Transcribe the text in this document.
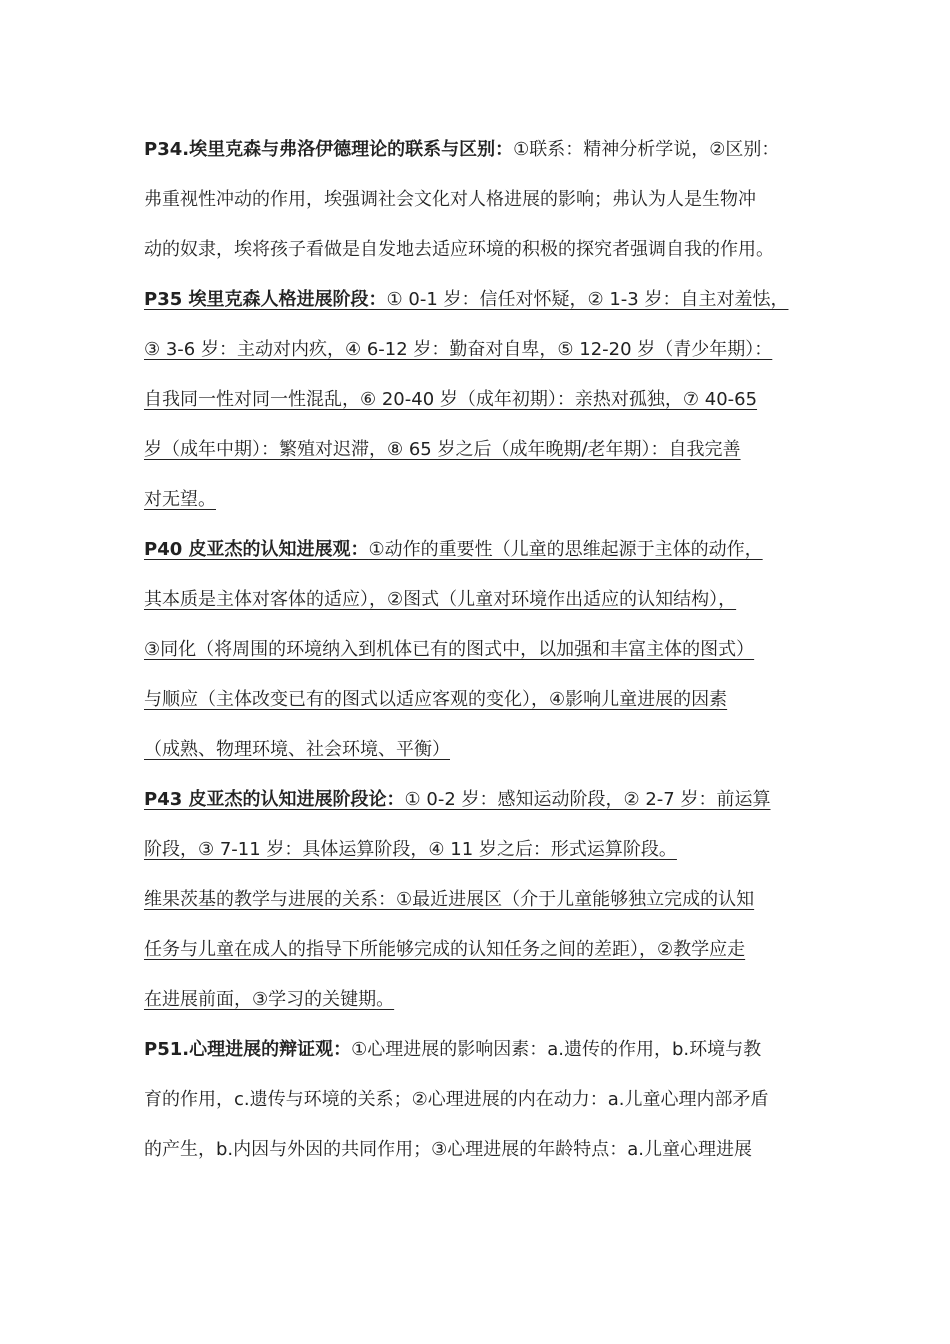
P34.埃里克森与弗洛伊德理论的联系与区别：①联系：精神分析学说，②区别：
弗重视性冲动的作用，埃强调社会文化对人格进展的影响；弗认为人是生物冲
动的奴隶，埃将孩子看做是自发地去适应环境的积极的探究者强调自我的作用。
P35 埃里克森人格进展阶段：① 0-1 岁：信任对怀疑，② 1-3 岁：自主对羞怯，
③ 3-6 岁：主动对内疚，④ 6-12 岁：勤奋对自卑，⑤ 12-20 岁（青少年期）：
自我同一性对同一性混乱，⑥ 20-40 岁（成年初期）：亲热对孤独，⑦ 40-65
岁（成年中期）：繁殖对迟滞，⑧ 65 岁之后（成年晚期/老年期）：自我完善
对无望。
P40 皮亚杰的认知进展观：①动作的重要性（儿童的思维起源于主体的动作，
其本质是主体对客体的适应），②图式（儿童对环境作出适应的认知结构），
③同化（将周围的环境纳入到机体已有的图式中，以加强和丰富主体的图式）
与顺应（主体改变已有的图式以适应客观的变化），④影响儿童进展的因素
（成熟、物理环境、社会环境、平衡）
P43 皮亚杰的认知进展阶段论：① 0-2 岁：感知运动阶段，② 2-7 岁：前运算
阶段，③ 7-11 岁：具体运算阶段，④ 11 岁之后：形式运算阶段。
维果茨基的教学与进展的关系：①最近进展区（介于儿童能够独立完成的认知
任务与儿童在成人的指导下所能够完成的认知任务之间的差距），②教学应走
在进展前面，③学习的关键期。
P51.心理进展的辩证观：①心理进展的影响因素：a.遗传的作用，b.环境与教
育的作用，c.遗传与环境的关系；②心理进展的内在动力：a.儿童心理内部矛盾
的产生，b.内因与外因的共同作用；③心理进展的年龄特点：a.儿童心理进展
